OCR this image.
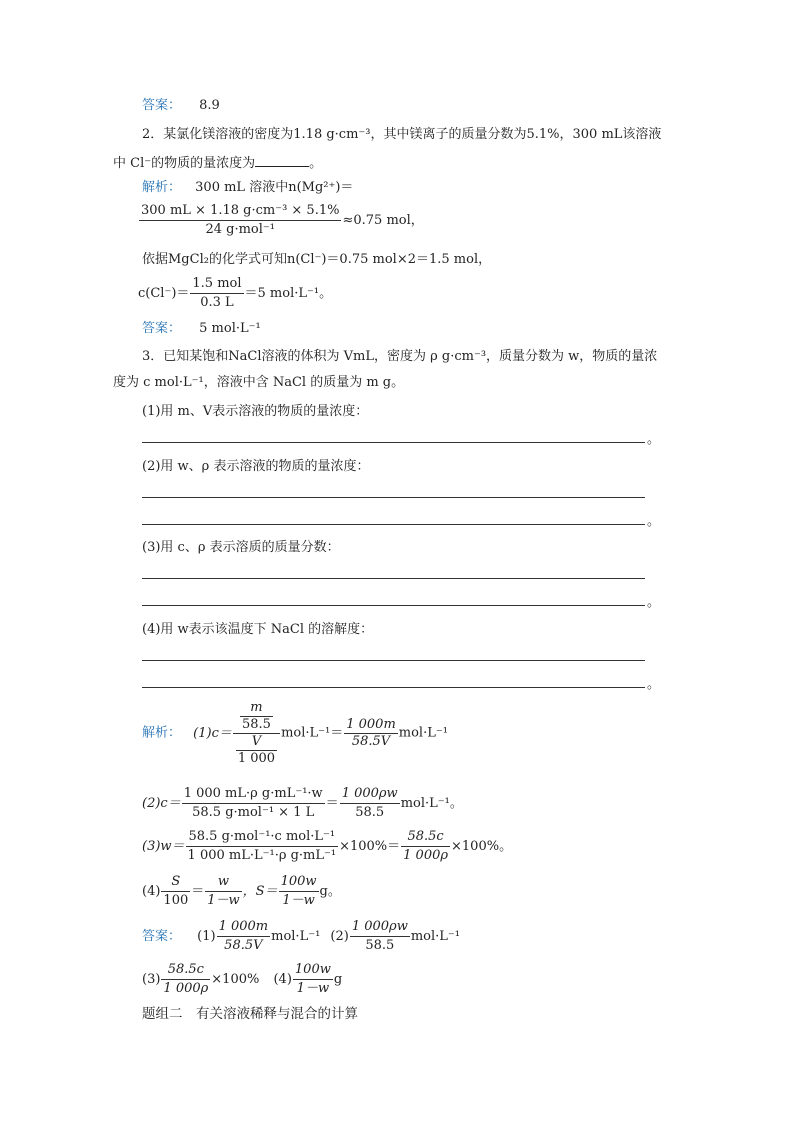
答案： 8.9
2．某氯化镁溶液的密度为1.18 g·cm⁻³，其中镁离子的质量分数为5.1%，300 mL该溶液
中 Cl⁻的物质的量浓度为	。
解析： 300 mL 溶液中n(Mg²⁺)＝
$\frac{\text{300 mL × 1.18 g·cm⁻³ × 5.1\%}}{\text{24 g·mol⁻¹}} \approx 0.75$ mol，
依据MgCl₂的化学式可知n(Cl⁻)＝0.75 mol×2＝1.5 mol，
$c(Cl^-)= \frac{\text{1.5 mol}}{0.3 L} =5$ mol·L⁻¹。
答案： 5 mol·L⁻¹
3．已知某饱和NaCl溶液的体积为 VmL，密度为 ρ g·cm⁻³，质量分数为 w，物质的量浓
度为 c mol·L⁻¹，溶液中含 NaCl 的质量为 m g。
(1)用 m、V表示溶液的物质的量浓度：
。
(2)用 w、ρ 表示溶液的物质的量浓度：
。
(3)用 c、ρ 表示溶质的质量分数：
。
(4)用 w表示该温度下 NaCl 的溶解度：
。
解析： $(1)c= \frac{\frac{m}{58.5}}{\frac{V}{1 000}} mol\cdot L^{-1}= \frac{1 000m}{58.5V} mol\cdot L^{-1}$
$(2)c= \frac{\text{1 000 mL·ρ g·mL⁻¹·w}}{\text{58.5 g·mol⁻¹ × 1 L}} = \frac{1 000\rho w}{58.5} mol\cdot L^{-1}$。
$(3)w= \frac{\text{58.5 g·mol⁻¹·c mol·L⁻¹}}{\text{1 000 mL·L⁻¹·ρ g·mL⁻¹}} \times 100\%= \frac{58.5c}{1 000\rho} \times 100\%$。
$(4) \frac{S}{100} = \frac{w}{1-w}$ ，$S= \frac{100w}{1-w}$ g。
答案： $(1) \frac{1 000m}{58.5V} mol\cdot L^{-1}$ $(2) \frac{1 000\rho w}{58.5} mol\cdot L^{-1}$
$(3) \frac{58.5c}{1 000\rho} \times 100\%$ $(4) \frac{100w}{1-w}$ g
题组二　有关溶液稀释与混合的计算
